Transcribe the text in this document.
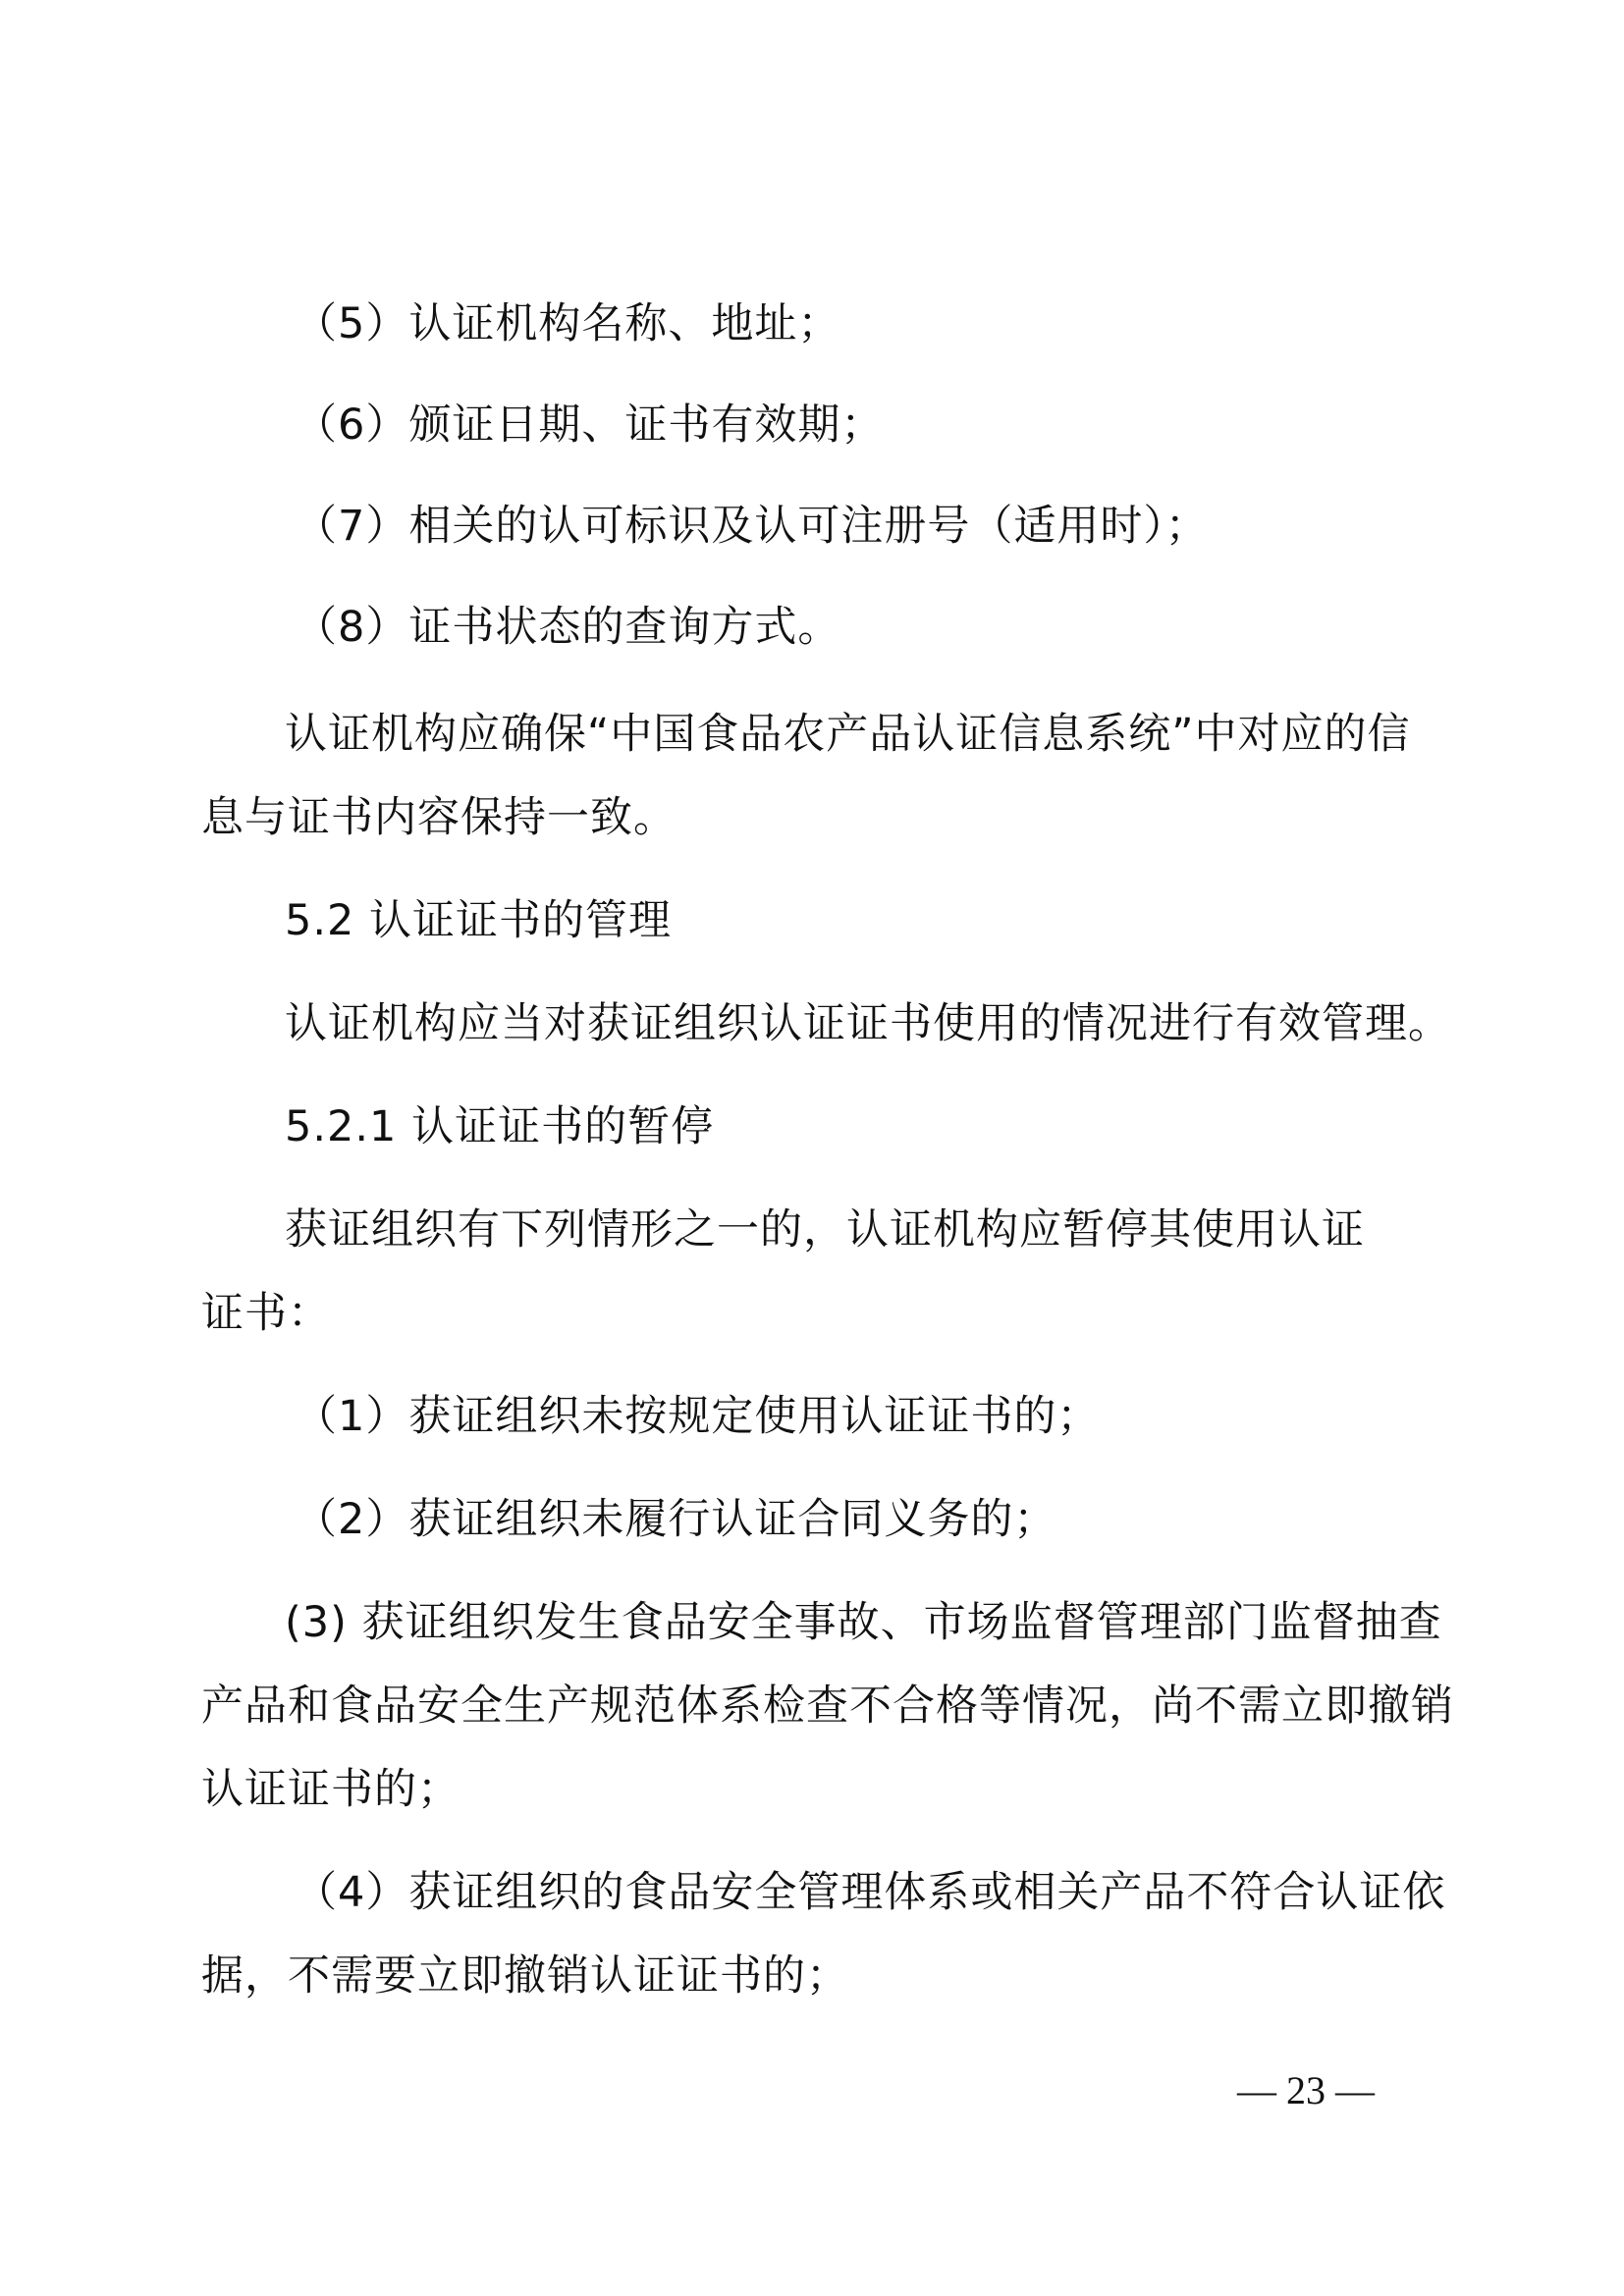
（5）认证机构名称、地址；
（6）颁证日期、证书有效期；
（7）相关的认可标识及认可注册号（适用时）；
（8）证书状态的查询方式。
认证机构应确保“中国食品农产品认证信息系统”中对应的信
息与证书内容保持一致。
5.2 认证证书的管理
认证机构应当对获证组织认证证书使用的情况进行有效管理。
5.2.1 认证证书的暂停
获证组织有下列情形之一的，认证机构应暂停其使用认证
证书：
（1）获证组织未按规定使用认证证书的；
（2）获证组织未履行认证合同义务的；
(3) 获证组织发生食品安全事故、市场监督管理部门监督抽查
产品和食品安全生产规范体系检查不合格等情况，尚不需立即撤销
认证证书的；
（4）获证组织的食品安全管理体系或相关产品不符合认证依
据，不需要立即撤销认证证书的；
— 23 —
